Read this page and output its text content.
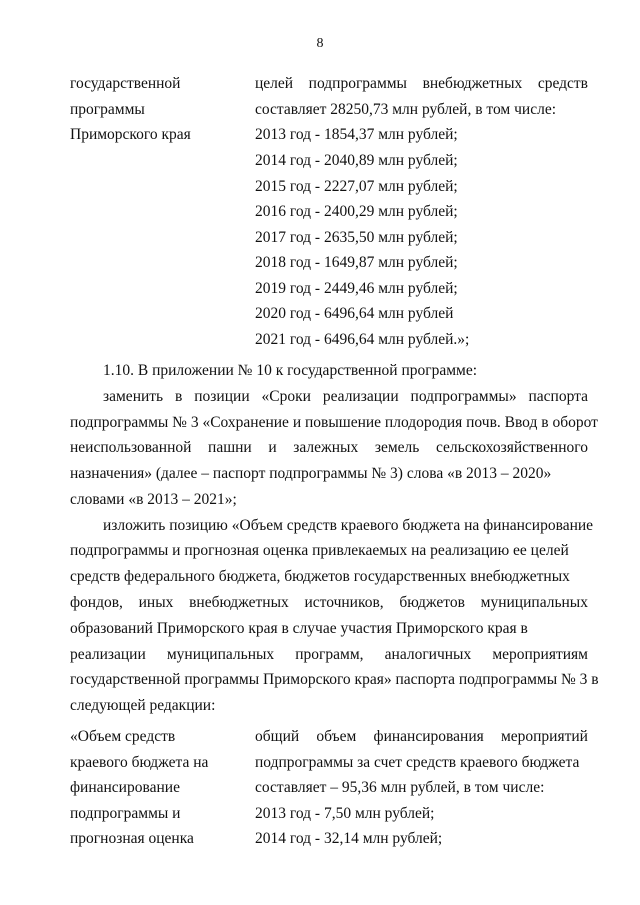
8
государственной	целей подпрограммы внебюджетных средств
программы	составляет 28250,73 млн рублей, в том числе:
Приморского края	2013 год - 1854,37 млн рублей;
2014 год - 2040,89 млн рублей;
2015 год - 2227,07 млн рублей;
2016 год - 2400,29 млн рублей;
2017 год - 2635,50 млн рублей;
2018 год - 1649,87 млн рублей;
2019 год - 2449,46 млн рублей;
2020 год - 6496,64 млн рублей
2021 год - 6496,64 млн рублей.»;
1.10. В приложении № 10 к государственной программе:
заменить в позиции «Сроки реализации подпрограммы» паспорта
подпрограммы № 3 «Сохранение и повышение плодородия почв. Ввод в оборот
неиспользованной пашни и залежных земель сельскохозяйственного
назначения» (далее – паспорт подпрограммы № 3) слова «в 2013 – 2020»
словами «в 2013 – 2021»;
изложить позицию «Объем средств краевого бюджета на финансирование
подпрограммы и прогнозная оценка привлекаемых на реализацию ее целей
средств федерального бюджета, бюджетов государственных внебюджетных
фондов, иных внебюджетных источников, бюджетов муниципальных
образований Приморского края в случае участия Приморского края в
реализации муниципальных программ, аналогичных мероприятиям
государственной программы Приморского края» паспорта подпрограммы № 3 в
следующей редакции:
«Объем средств	общий объем финансирования мероприятий
краевого бюджета на	подпрограммы за счет средств краевого бюджета
финансирование	составляет – 95,36 млн рублей, в том числе:
подпрограммы и	2013 год - 7,50 млн рублей;
прогнозная оценка	2014 год - 32,14 млн рублей;
